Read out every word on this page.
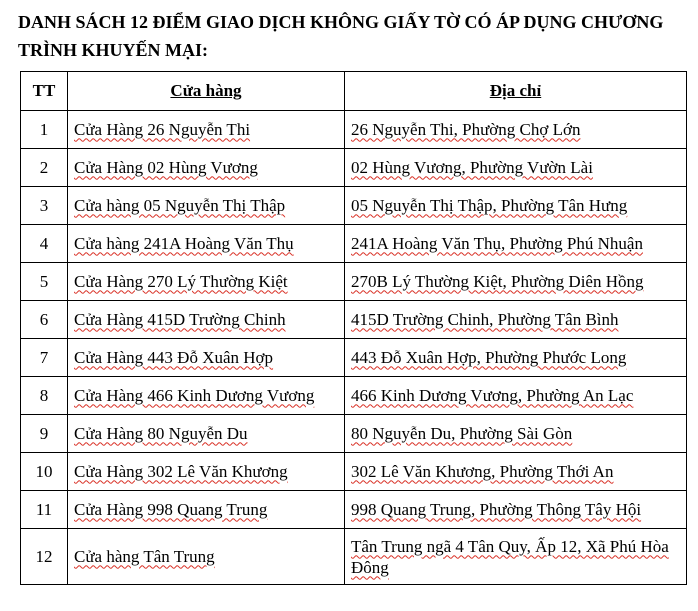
DANH SÁCH 12 ĐIỂM GIAO DỊCH KHÔNG GIẤY TỜ CÓ ÁP DỤNG CHƯƠNG TRÌNH KHUYẾN MẠI:
TT	Cửa hàng	Địa chỉ
1	Cửa Hàng 26 Nguyễn Thi	26 Nguyễn Thi, Phường Chợ Lớn
2	Cửa Hàng 02 Hùng Vương	02 Hùng Vương, Phường Vườn Lài
3	Cửa hàng 05 Nguyễn Thị Thập	05 Nguyễn Thị Thập, Phường Tân Hưng
4	Cửa hàng 241A Hoàng Văn Thụ	241A Hoàng Văn Thụ, Phường Phú Nhuận
5	Cửa Hàng 270 Lý Thường Kiệt	270B Lý Thường Kiệt, Phường Diên Hồng
6	Cửa Hàng 415D Trường Chinh	415D Trường Chinh, Phường Tân Bình
7	Cửa Hàng 443 Đỗ Xuân Hợp	443 Đỗ Xuân Hợp, Phường Phước Long
8	Cửa Hàng 466 Kinh Dương Vương	466 Kinh Dương Vương, Phường An Lạc
9	Cửa Hàng 80 Nguyễn Du	80 Nguyễn Du, Phường Sài Gòn
10	Cửa Hàng 302 Lê Văn Khương	302 Lê Văn Khương, Phường Thới An
11	Cửa Hàng 998 Quang Trung	998 Quang Trung, Phường Thông Tây Hội
12	Cửa hàng Tân Trung	Tân Trung ngã 4 Tân Quy, Ấp 12, Xã Phú Hòa Đông
